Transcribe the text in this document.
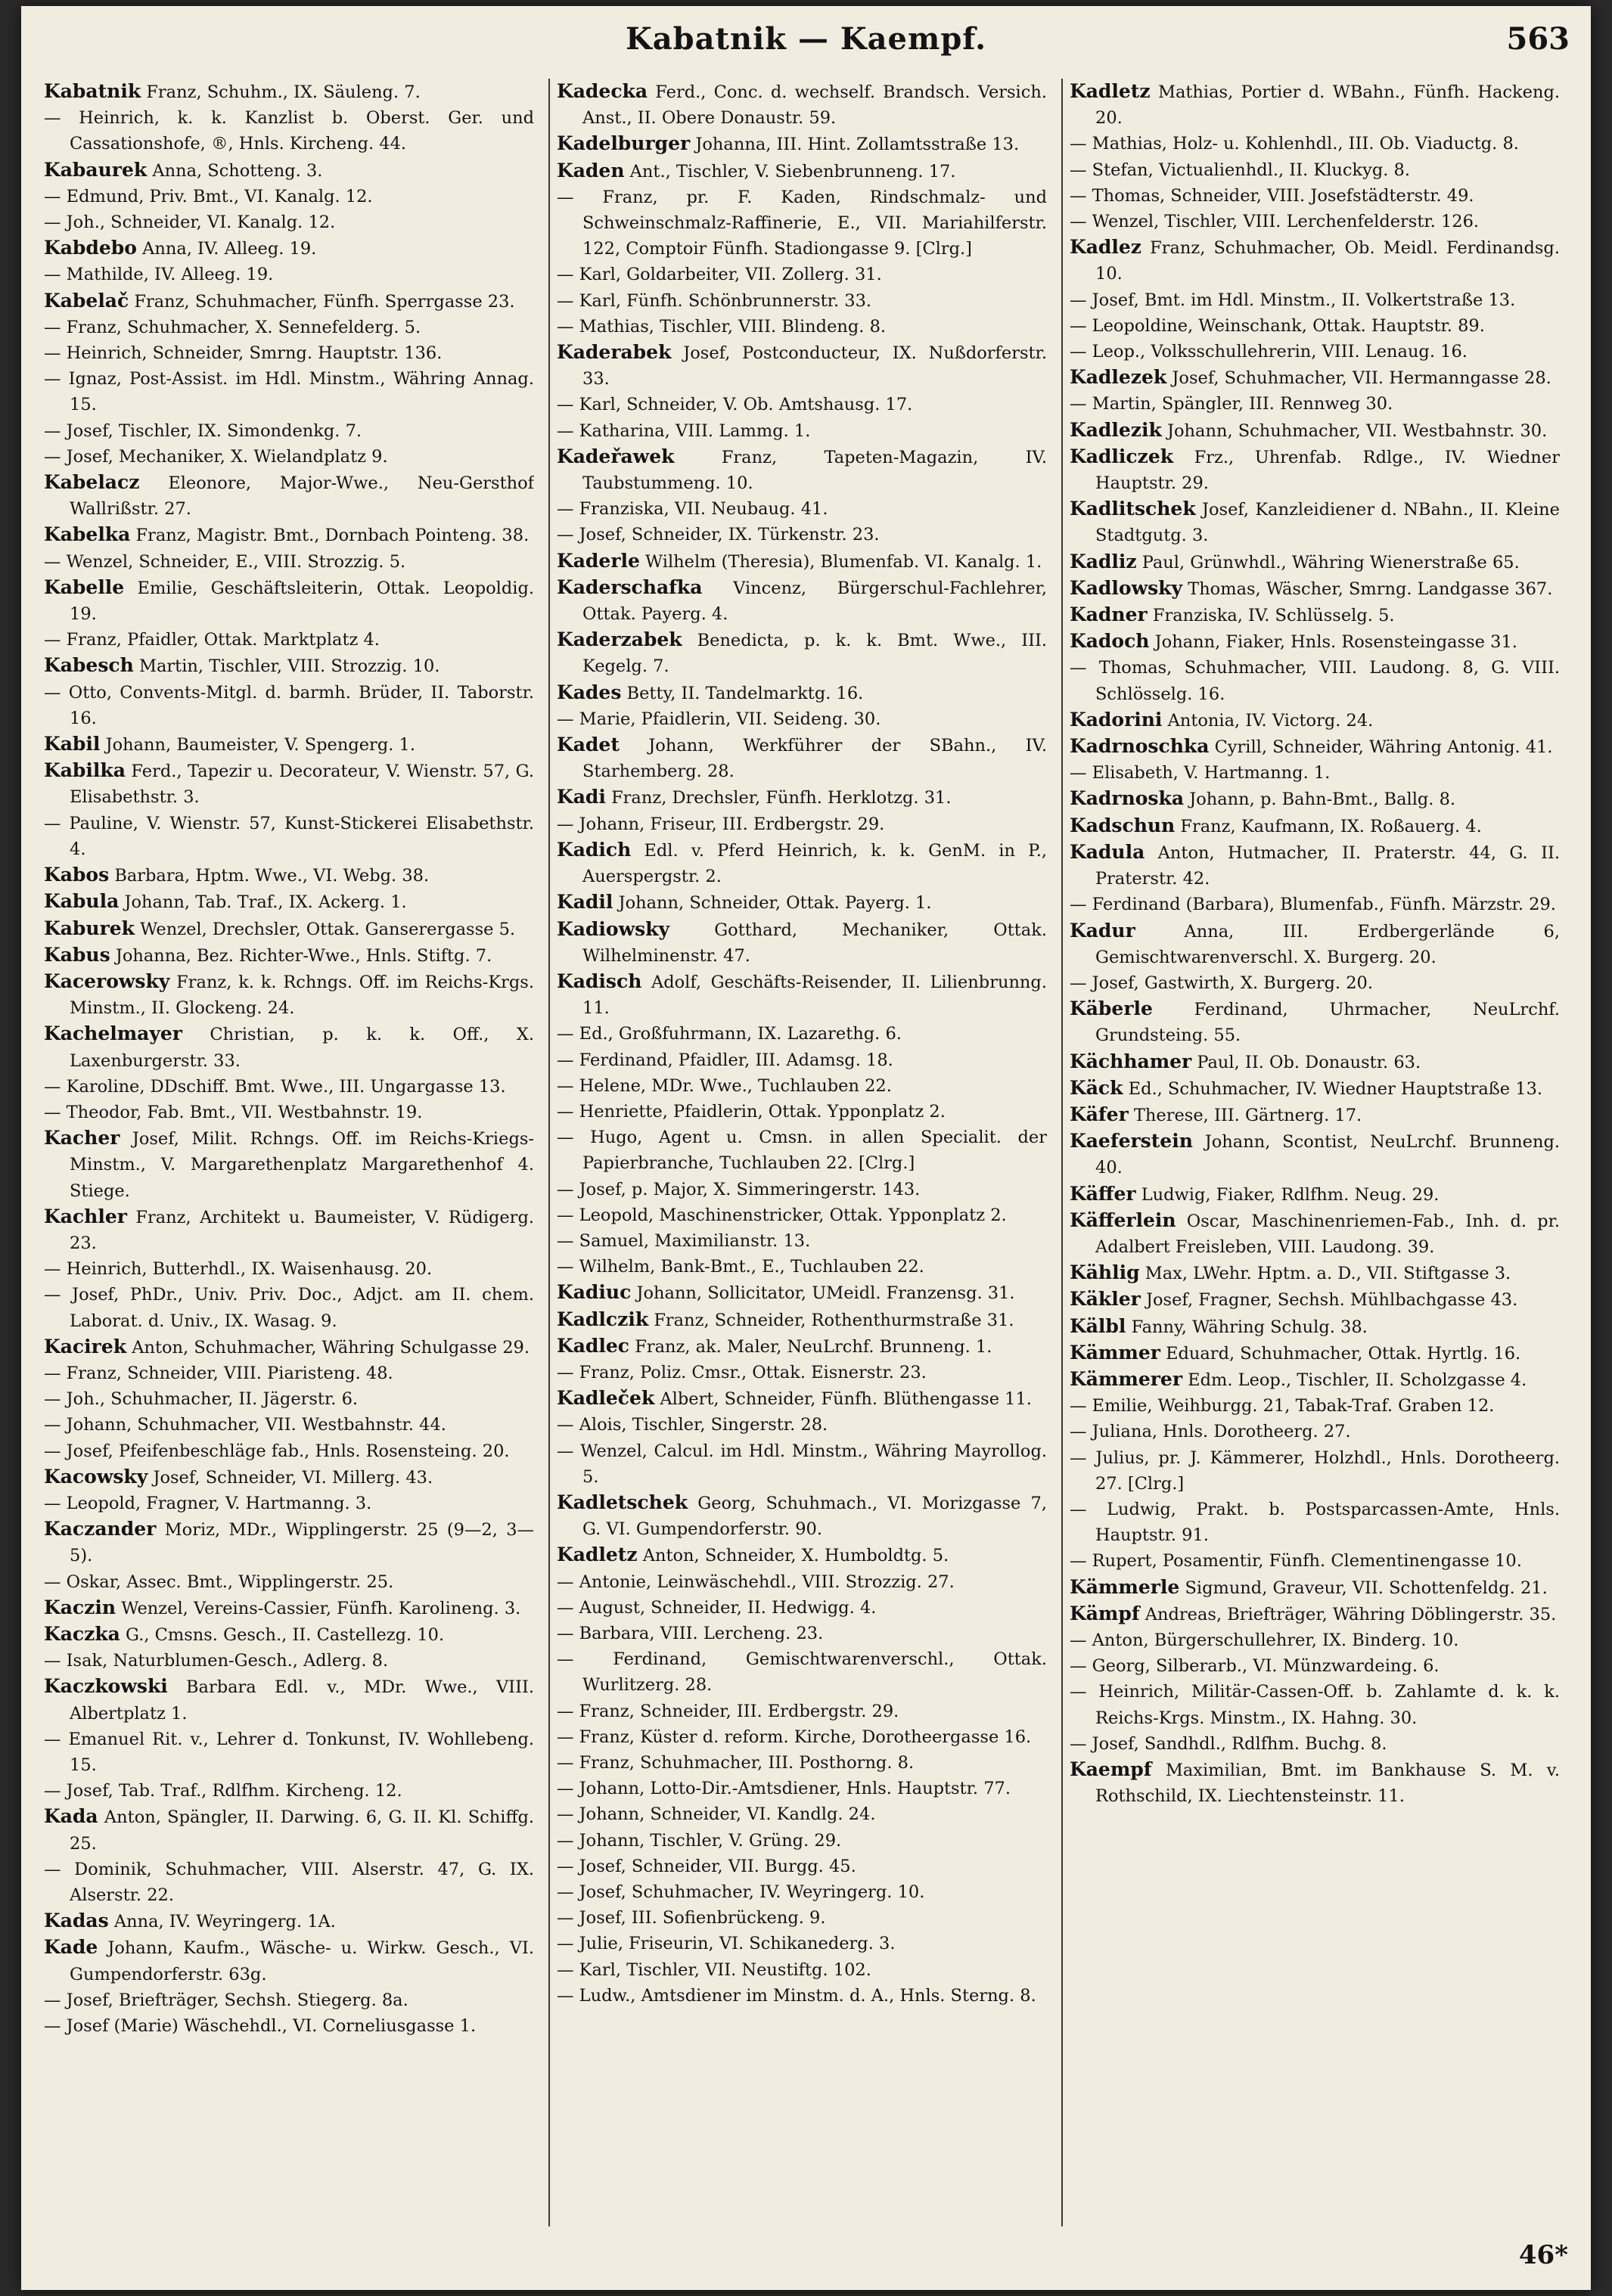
Kabatnik — Kaempf.	563
Kabatnik Franz, Schuhm., IX. Säuleng. 7.
— Heinrich, k. k. Kanzlist b. Oberst. Ger. und Cassationshofe, ®, Hnls. Kircheng. 44.
Kabaurek Anna, Schotteng. 3.
— Edmund, Priv. Bmt., VI. Kanalg. 12.
— Joh., Schneider, VI. Kanalg. 12.
Kabdebo Anna, IV. Alleeg. 19.
— Mathilde, IV. Alleeg. 19.
Kabelač Franz, Schuhmacher, Fünfh. Sperrgasse 23.
— Franz, Schuhmacher, X. Sennefelderg. 5.
— Heinrich, Schneider, Smrng. Hauptstr. 136.
— Ignaz, Post-Assist. im Hdl. Minstm., Währing Annag. 15.
— Josef, Tischler, IX. Simondenkg. 7.
— Josef, Mechaniker, X. Wielandplatz 9.
Kabelacz Eleonore, Major-Wwe., Neu-Gersthof Wallrißstr. 27.
Kabelka Franz, Magistr. Bmt., Dornbach Pointeng. 38.
— Wenzel, Schneider, E., VIII. Strozzig. 5.
Kabelle Emilie, Geschäftsleiterin, Ottak. Leopoldig. 19.
— Franz, Pfaidler, Ottak. Marktplatz 4.
Kabesch Martin, Tischler, VIII. Strozzig. 10.
— Otto, Convents-Mitgl. d. barmh. Brüder, II. Taborstr. 16.
Kabil Johann, Baumeister, V. Spengerg. 1.
Kabilka Ferd., Tapezir u. Decorateur, V. Wienstr. 57, G. Elisabethstr. 3.
— Pauline, V. Wienstr. 57, Kunst-Stickerei Elisabethstr. 4.
Kabos Barbara, Hptm. Wwe., VI. Webg. 38.
Kabula Johann, Tab. Traf., IX. Ackerg. 1.
Kaburek Wenzel, Drechsler, Ottak. Ganserergasse 5.
Kabus Johanna, Bez. Richter-Wwe., Hnls. Stiftg. 7.
Kacerowsky Franz, k. k. Rchngs. Off. im Reichs-Krgs. Minstm., II. Glockeng. 24.
Kachelmayer Christian, p. k. k. Off., X. Laxenburgerstr. 33.
— Karoline, DDschiff. Bmt. Wwe., III. Ungargasse 13.
— Theodor, Fab. Bmt., VII. Westbahnstr. 19.
Kacher Josef, Milit. Rchngs. Off. im Reichs-Kriegs-Minstm., V. Margarethenplatz Margarethenhof 4. Stiege.
Kachler Franz, Architekt u. Baumeister, V. Rüdigerg. 23.
— Heinrich, Butterhdl., IX. Waisenhausg. 20.
— Josef, PhDr., Univ. Priv. Doc., Adjct. am II. chem. Laborat. d. Univ., IX. Wasag. 9.
Kacirek Anton, Schuhmacher, Währing Schulgasse 29.
— Franz, Schneider, VIII. Piaristeng. 48.
— Joh., Schuhmacher, II. Jägerstr. 6.
— Johann, Schuhmacher, VII. Westbahnstr. 44.
— Josef, Pfeifenbeschläge fab., Hnls. Rosensteing. 20.
Kacowsky Josef, Schneider, VI. Millerg. 43.
— Leopold, Fragner, V. Hartmanng. 3.
Kaczander Moriz, MDr., Wipplingerstr. 25 (9—2, 3—5).
— Oskar, Assec. Bmt., Wipplingerstr. 25.
Kaczin Wenzel, Vereins-Cassier, Fünfh. Karolineng. 3.
Kaczka G., Cmsns. Gesch., II. Castellezg. 10.
— Isak, Naturblumen-Gesch., Adlerg. 8.
Kaczkowski Barbara Edl. v., MDr. Wwe., VIII. Albertplatz 1.
— Emanuel Rit. v., Lehrer d. Tonkunst, IV. Wohllebeng. 15.
— Josef, Tab. Traf., Rdlfhm. Kircheng. 12.
Kada Anton, Spängler, II. Darwing. 6, G. II. Kl. Schiffg. 25.
— Dominik, Schuhmacher, VIII. Alserstr. 47, G. IX. Alserstr. 22.
Kadas Anna, IV. Weyringerg. 1A.
Kade Johann, Kaufm., Wäsche- u. Wirkw. Gesch., VI. Gumpendorferstr. 63g.
— Josef, Briefträger, Sechsh. Stiegerg. 8a.
— Josef (Marie) Wäschehdl., VI. Corneliusgasse 1.
Kadecka Ferd., Conc. d. wechself. Brandsch. Versich. Anst., II. Obere Donaustr. 59.
Kadelburger Johanna, III. Hint. Zollamtsstraße 13.
Kaden Ant., Tischler, V. Siebenbrunneng. 17.
— Franz, pr. F. Kaden, Rindschmalz- und Schweinschmalz-Raffinerie, E., VII. Mariahilferstr. 122, Comptoir Fünfh. Stadiongasse 9. [Clrg.]
— Karl, Goldarbeiter, VII. Zollerg. 31.
— Karl, Fünfh. Schönbrunnerstr. 33.
— Mathias, Tischler, VIII. Blindeng. 8.
Kaderabek Josef, Postconducteur, IX. Nußdorferstr. 33.
— Karl, Schneider, V. Ob. Amtshausg. 17.
— Katharina, VIII. Lammg. 1.
Kadeřawek	Franz, Tapeten-Magazin, IV. Taubstummeng. 10.
— Franziska, VII. Neubaug. 41.
— Josef, Schneider, IX. Türkenstr. 23.
Kaderle Wilhelm (Theresia), Blumenfab. VI. Kanalg. 1.
Kaderschafka Vincenz, Bürgerschul-Fachlehrer, Ottak. Payerg. 4.
Kaderzabek Benedicta, p. k. k. Bmt. Wwe., III. Kegelg. 7.
Kades Betty, II. Tandelmarktg. 16.
— Marie, Pfaidlerin, VII. Seideng. 30.
Kadet Johann, Werkführer der SBahn., IV. Starhemberg. 28.
Kadi Franz, Drechsler, Fünfh. Herklotzg. 31.
— Johann, Friseur, III. Erdbergstr. 29.
Kadich Edl. v. Pferd Heinrich, k. k. GenM. in P., Auerspergstr. 2.
Kadil Johann, Schneider, Ottak. Payerg. 1.
Kadiowsky	Gotthard, Mechaniker, Ottak. Wilhelminenstr. 47.
Kadisch Adolf, Geschäfts-Reisender, II. Lilienbrunng. 11.
— Ed., Großfuhrmann, IX. Lazarethg. 6.
— Ferdinand, Pfaidler, III. Adamsg. 18.
— Helene, MDr. Wwe., Tuchlauben 22.
— Henriette, Pfaidlerin, Ottak. Ypponplatz 2.
— Hugo, Agent u. Cmsn. in allen Specialit. der Papierbranche, Tuchlauben 22. [Clrg.]
— Josef, p. Major, X. Simmeringerstr. 143.
— Leopold, Maschinenstricker, Ottak. Ypponplatz 2.
— Samuel, Maximilianstr. 13.
— Wilhelm, Bank-Bmt., E., Tuchlauben 22.
Kadiuc Johann, Sollicitator, UMeidl. Franzensg. 31.
Kadlczik Franz, Schneider, Rothenthurmstraße 31.
Kadlec Franz, ak. Maler, NeuLrchf. Brunneng. 1.
— Franz, Poliz. Cmsr., Ottak. Eisnerstr. 23.
Kadleček Albert, Schneider, Fünfh. Blüthengasse 11.
— Alois, Tischler, Singerstr. 28.
— Wenzel, Calcul. im Hdl. Minstm., Währing Mayrollog. 5.
Kadletschek Georg, Schuhmach., VI. Morizgasse 7, G. VI. Gumpendorferstr. 90.
Kadletz Anton, Schneider, X. Humboldtg. 5.
— Antonie, Leinwäschehdl., VIII. Strozzig. 27.
— August, Schneider, II. Hedwigg. 4.
— Barbara, VIII. Lercheng. 23.
— Ferdinand, Gemischtwarenverschl., Ottak. Wurlitzerg. 28.
— Franz, Schneider, III. Erdbergstr. 29.
— Franz, Küster d. reform. Kirche, Dorotheergasse 16.
— Franz, Schuhmacher, III. Posthorng. 8.
— Johann, Lotto-Dir.-Amtsdiener, Hnls. Hauptstr. 77.
— Johann, Schneider, VI. Kandlg. 24.
— Johann, Tischler, V. Grüng. 29.
— Josef, Schneider, VII. Burgg. 45.
— Josef, Schuhmacher, IV. Weyringerg. 10.
— Josef, III. Sofienbrückeng. 9.
— Julie, Friseurin, VI. Schikanederg. 3.
— Karl, Tischler, VII. Neustiftg. 102.
— Ludw., Amtsdiener im Minstm. d. A., Hnls. Sterng. 8.
Kadletz Mathias, Portier d. WBahn., Fünfh. Hackeng. 20.
— Mathias, Holz- u. Kohlenhdl., III. Ob. Viaductg. 8.
— Stefan, Victualienhdl., II. Kluckyg. 8.
— Thomas, Schneider, VIII. Josefstädterstr. 49.
— Wenzel, Tischler, VIII. Lerchenfelderstr. 126.
Kadlez Franz, Schuhmacher, Ob. Meidl. Ferdinandsg. 10.
— Josef, Bmt. im Hdl. Minstm., II. Volkertstraße 13.
— Leopoldine, Weinschank, Ottak. Hauptstr. 89.
— Leop., Volksschullehrerin, VIII. Lenaug. 16.
Kadlezek Josef, Schuhmacher, VII. Hermanngasse 28.
— Martin, Spängler, III. Rennweg 30.
Kadlezik Johann, Schuhmacher, VII. Westbahnstr. 30.
Kadliczek Frz., Uhrenfab. Rdlge., IV. Wiedner Hauptstr. 29.
Kadlitschek Josef, Kanzleidiener d. NBahn., II. Kleine Stadtgutg. 3.
Kadliz Paul, Grünwhdl., Währing Wienerstraße 65.
Kadlowsky Thomas, Wäscher, Smrng. Landgasse 367.
Kadner Franziska, IV. Schlüsselg. 5.
Kadoch Johann, Fiaker, Hnls. Rosensteingasse 31.
— Thomas, Schuhmacher, VIII. Laudong. 8, G. VIII. Schlösselg. 16.
Kadorini Antonia, IV. Victorg. 24.
Kadrnoschka Cyrill, Schneider, Währing Antonig. 41.
— Elisabeth, V. Hartmanng. 1.
Kadrnoska Johann, p. Bahn-Bmt., Ballg. 8.
Kadschun Franz, Kaufmann, IX. Roßauerg. 4.
Kadula Anton, Hutmacher, II. Praterstr. 44, G. II. Praterstr. 42.
— Ferdinand (Barbara), Blumenfab., Fünfh. Märzstr. 29.
Kadur	Anna, III. Erdbergerlände 6, Gemischtwarenverschl. X. Burgerg. 20.
— Josef, Gastwirth, X. Burgerg. 20.
Käberle Ferdinand, Uhrmacher, NeuLrchf. Grundsteing. 55.
Kächhamer Paul, II. Ob. Donaustr. 63.
Käck Ed., Schuhmacher, IV. Wiedner Hauptstraße 13.
Käfer Therese, III. Gärtnerg. 17.
Kaeferstein Johann, Scontist, NeuLrchf. Brunneng. 40.
Käffer Ludwig, Fiaker, Rdlfhm. Neug. 29.
Käfferlein Oscar, Maschinenriemen-Fab., Inh. d. pr. Adalbert Freisleben, VIII. Laudong. 39.
Kählig Max, LWehr. Hptm. a. D., VII. Stiftgasse 3.
Käkler Josef, Fragner, Sechsh. Mühlbachgasse 43.
Kälbl Fanny, Währing Schulg. 38.
Kämmer Eduard, Schuhmacher, Ottak. Hyrtlg. 16.
Kämmerer Edm. Leop., Tischler, II. Scholzgasse 4.
— Emilie, Weihburgg. 21, Tabak-Traf. Graben 12.
— Juliana, Hnls. Dorotheerg. 27.
— Julius, pr. J. Kämmerer, Holzhdl., Hnls. Dorotheerg. 27. [Clrg.]
— Ludwig, Prakt. b. Postsparcassen-Amte, Hnls. Hauptstr. 91.
— Rupert, Posamentir, Fünfh. Clementinengasse 10.
Kämmerle Sigmund, Graveur, VII. Schottenfeldg. 21.
Kämpf Andreas, Briefträger, Währing Döblingerstr. 35.
— Anton, Bürgerschullehrer, IX. Binderg. 10.
— Georg, Silberarb., VI. Münzwardeing. 6.
— Heinrich, Militär-Cassen-Off. b. Zahlamte d. k. k. Reichs-Krgs. Minstm., IX. Hahng. 30.
— Josef, Sandhdl., Rdlfhm. Buchg. 8.
Kaempf Maximilian, Bmt. im Bankhause S. M. v. Rothschild, IX. Liechtensteinstr. 11.
46*
